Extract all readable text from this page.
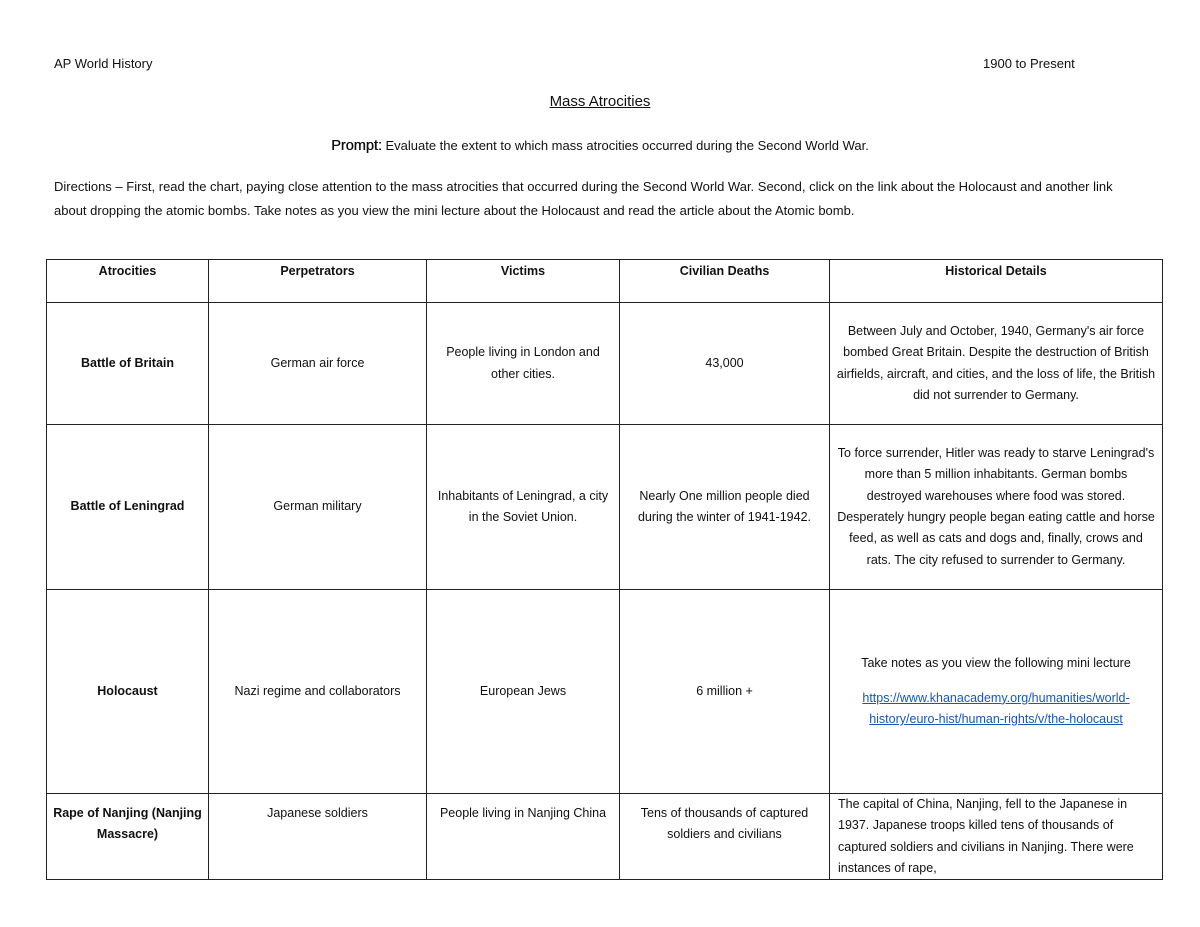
AP World History	1900 to Present
Mass Atrocities
Prompt: Evaluate the extent to which mass atrocities occurred during the Second World War.
Directions – First, read the chart, paying close attention to the mass atrocities that occurred during the Second World War. Second, click on the link about the Holocaust and another link about dropping the atomic bombs. Take notes as you view the mini lecture about the Holocaust and read the article about the Atomic bomb.
Atrocities	Perpetrators	Victims	Civilian Deaths	Historical Details
Battle of Britain	German air force	People living in London and other cities.	43,000	Between July and October, 1940, Germany's air force bombed Great Britain. Despite the destruction of British airfields, aircraft, and cities, and the loss of life, the British did not surrender to Germany.
Battle of Leningrad	German military	Inhabitants of Leningrad, a city in the Soviet Union.	Nearly One million people died during the winter of 1941-1942.	To force surrender, Hitler was ready to starve Leningrad's more than 5 million inhabitants. German bombs destroyed warehouses where food was stored. Desperately hungry people began eating cattle and horse feed, as well as cats and dogs and, finally, crows and rats. The city refused to surrender to Germany.
Holocaust	Nazi regime and collaborators	European Jews	6 million +	Take notes as you view the following mini lecture
https://www.khanacademy.org/humanities/world-history/euro-hist/human-rights/v/the-holocaust
Rape of Nanjing (Nanjing Massacre)	Japanese soldiers	People living in Nanjing China	Tens of thousands of captured soldiers and civilians	The capital of China, Nanjing, fell to the Japanese in 1937. Japanese troops killed tens of thousands of captured soldiers and civilians in Nanjing. There were instances of rape,
